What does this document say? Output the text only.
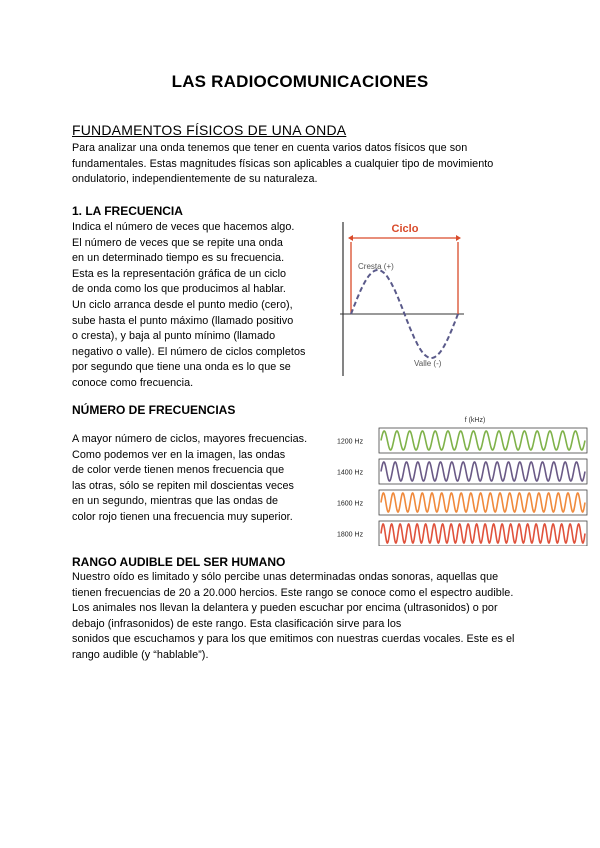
LAS RADIOCOMUNICACIONES
FUNDAMENTOS FÍSICOS DE UNA ONDA
Para analizar una onda tenemos que tener en cuenta varios datos físicos que son
fundamentales. Estas magnitudes físicas son aplicables a cualquier tipo de movimiento
ondulatorio, independientemente de su naturaleza.
1. LA FRECUENCIA
Indica el número de veces que hacemos algo.
El número de veces que se repite una onda
en un determinado tiempo es su frecuencia.
Esta es la representación gráfica de un ciclo
de onda como los que producimos al hablar.
Un ciclo arranca desde el punto medio (cero),
sube hasta el punto máximo (llamado positivo
o cresta), y baja al punto mínimo (llamado
negativo o valle). El número de ciclos completos
por segundo que tiene una onda es lo que se
conoce como frecuencia.
Ciclo
Cresta (+)
Valle (-)
NÚMERO DE FRECUENCIAS
A mayor número de ciclos, mayores frecuencias.
Como podemos ver en la imagen, las ondas
de color verde tienen menos frecuencia que
las otras, sólo se repiten mil doscientas veces
en un segundo, mientras que las ondas de
color rojo tienen una frecuencia muy superior.
f (kHz)
1200 Hz
1400 Hz
1600 Hz
1800 Hz
RANGO AUDIBLE DEL SER HUMANO
Nuestro oído es limitado y sólo percibe unas determinadas ondas sonoras, aquellas que
tienen frecuencias de 20 a 20.000 hercios. Este rango se conoce como el espectro audible.
Los animales nos llevan la delantera y pueden escuchar por encima (ultrasonidos) o por
debajo (infrasonidos) de este rango. Esta clasificación sirve para los
sonidos que escuchamos y para los que emitimos con nuestras cuerdas vocales. Este es el
rango audible (y “hablable”).
